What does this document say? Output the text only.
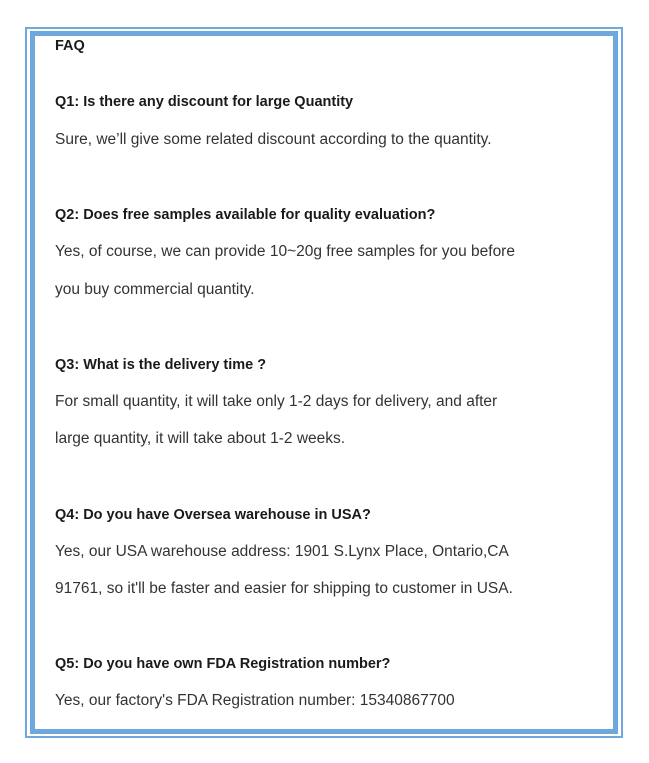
FAQ

Q1: Is there any discount for large Quantity

Sure, we’ll give some related discount according to the quantity.

Q2: Does free samples available for quality evaluation?

Yes, of course, we can provide 10~20g free samples for you before

you buy commercial quantity.

Q3: What is the delivery time ?

For small quantity, it will take only 1-2 days for delivery, and after

large quantity, it will take about 1-2 weeks.

Q4: Do you have Oversea warehouse in USA?

Yes, our USA warehouse address: 1901 S.Lynx Place, Ontario,CA

91761, so it'll be faster and easier for shipping to customer in USA.

Q5: Do you have own FDA Registration number?

Yes, our factory's FDA Registration number: 15340867700
